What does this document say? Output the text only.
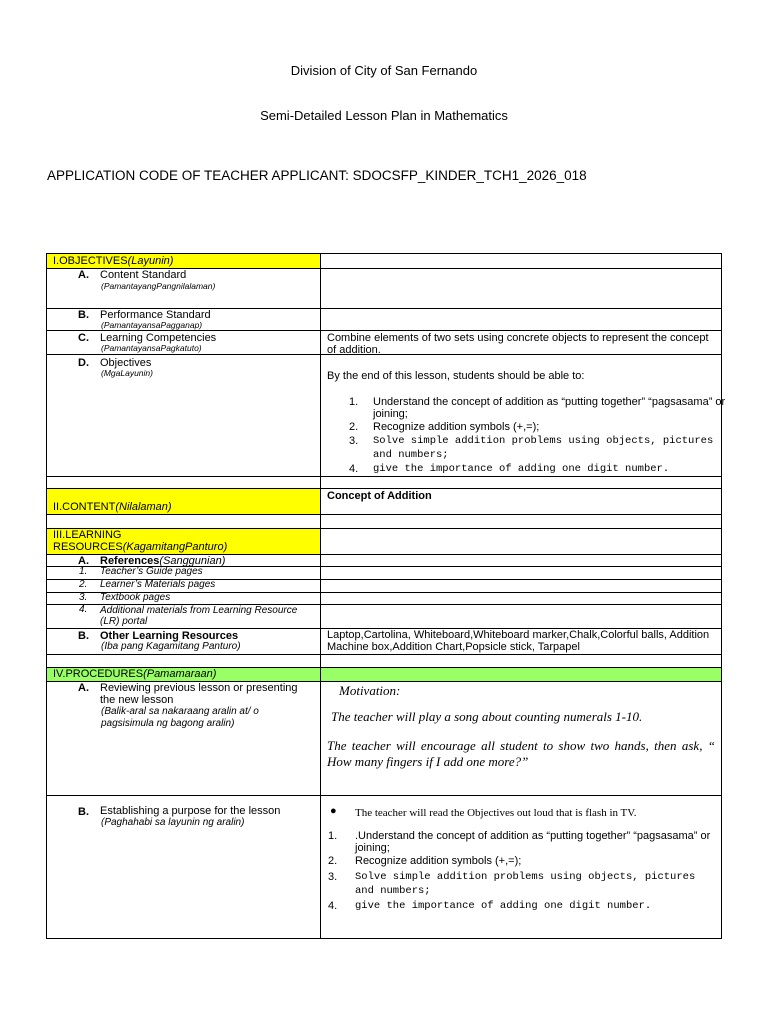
Division of City of San Fernando
Semi-Detailed Lesson Plan in Mathematics
APPLICATION CODE OF TEACHER APPLICANT: SDOCSFP_KINDER_TCH1_2026_018
I.OBJECTIVES(Layunin)
A. Content Standard
(PamantayangPangnilalaman)
B. Performance Standard
(PamantayansaPagganap)
C. Learning Competencies
(PamantayansaPagkatuto)
Combine elements of two sets using concrete objects to represent the concept of addition.
D. Objectives
(MgaLayunin)	By the end of this lesson, students should be able to:
1. Understand the concept of addition as “putting together” “pagsasama” or joining;
2. Recognize addition symbols (+,=);
3. Solve simple addition problems using objects, pictures and numbers;
4. give the importance of adding one digit number.
Concept of Addition
II.CONTENT(Nilalaman)
III.LEARNING
RESOURCES(KagamitangPanturo)
A. References(Sanggunian)
1. Teacher’s Guide pages
2. Learner’s Materials pages
3. Textbook pages
4. Additional materials from Learning Resource (LR) portal
B. Other Learning Resources
(Iba pang Kagamitang Panturo)
Laptop,Cartolina, Whiteboard,Whiteboard marker,Chalk,Colorful balls, Addition Machine box,Addition Chart,Popsicle stick, Tarpapel
IV.PROCEDURES(Pamamaraan)
A. Reviewing previous lesson or presenting the new lesson
(Balik-aral sa nakaraang aralin at/ o pagsisimula ng bagong aralin)
Motivation:
The teacher will play a song about counting numerals 1-10.
The teacher will encourage all student to show two hands, then ask, “ How many fingers if I add one more?”
B. Establishing a purpose for the lesson
(Paghahabi sa layunin ng aralin)
● The teacher will read the Objectives out loud that is flash in TV.
1. .Understand the concept of addition as “putting together” “pagsasama” or joining;
2. Recognize addition symbols (+,=);
3. Solve simple addition problems using objects, pictures and numbers;
4. give the importance of adding one digit number.
